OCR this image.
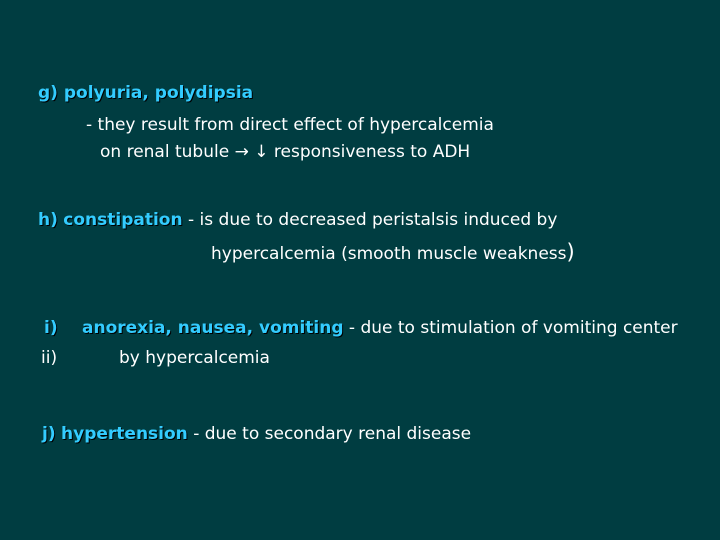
g) polyuria, polydipsia
- they result from direct effect of hypercalcemia
on renal tubule → ↓ responsiveness to ADH
h) constipation - is due to decreased peristalsis induced by
hypercalcemia (smooth muscle weakness)
i) anorexia, nausea, vomiting - due to stimulation of vomiting center
ii)	by hypercalcemia
j) hypertension - due to secondary renal disease
